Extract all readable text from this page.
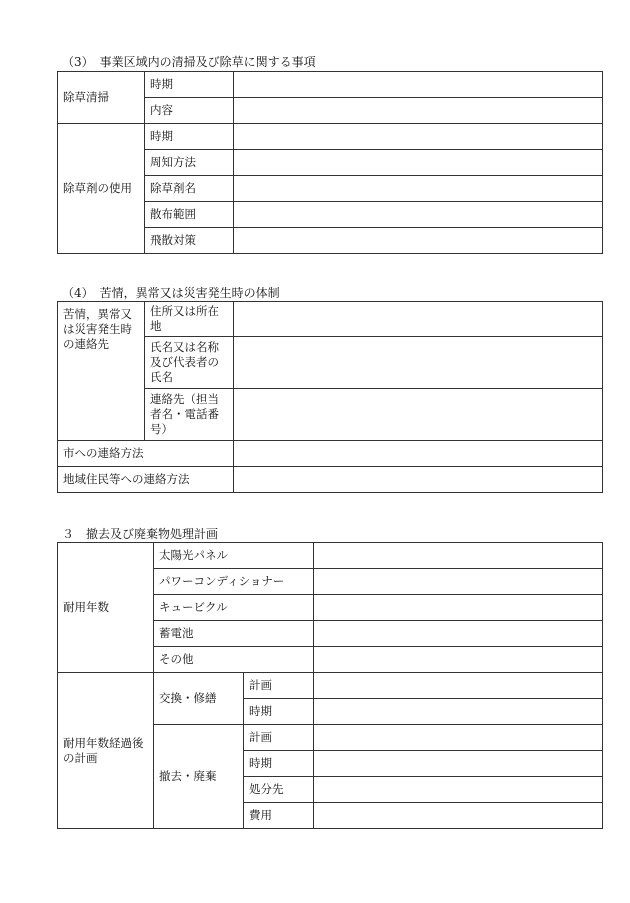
（3）　事業区域内の清掃及び除草に関する事項
除草清掃	時期	
	内容	
除草剤の使用	時期	
	周知方法	
	除草剤名	
	散布範囲	
	飛散対策	
（4）　苦情，異常又は災害発生時の体制
苦情，異常又は災害発生時の連絡先	住所又は所在地	
	氏名又は名称及び代表者の氏名	
	連絡先（担当者名・電話番号）	
市への連絡方法		
地域住民等への連絡方法		
３　撤去及び廃棄物処理計画
耐用年数	太陽光パネル		
	パワーコンディショナー		
	キュービクル		
	蓄電池		
	その他		
耐用年数経過後の計画	交換・修繕	計画	
		時期	
	撤去・廃棄	計画	
		時期	
		処分先	
		費用	
